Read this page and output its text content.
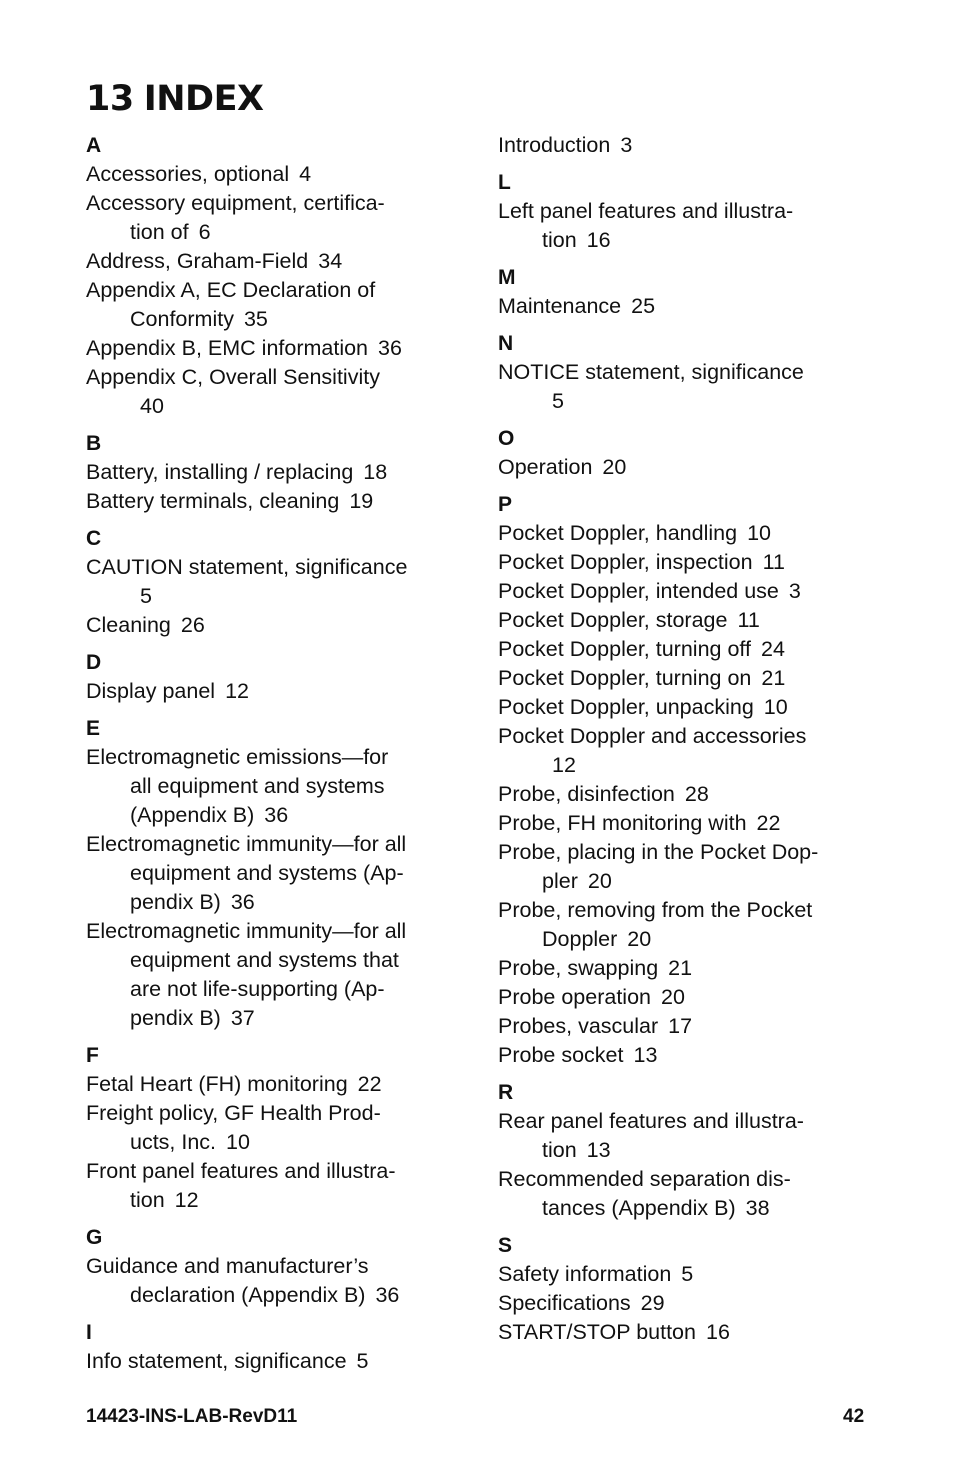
13 INDEX
A
Accessories, optional 4
Accessory equipment, certifica-
tion of 6
Address, Graham-Field 34
Appendix A, EC Declaration of
Conformity 35
Appendix B, EMC information 36
Appendix C, Overall Sensitivity
40
B
Battery, installing / replacing 18
Battery terminals, cleaning 19
C
CAUTION statement, significance
5
Cleaning 26
D
Display panel 12
E
Electromagnetic emissions—for
all equipment and systems
(Appendix B) 36
Electromagnetic immunity—for all
equipment and systems (Ap-
pendix B) 36
Electromagnetic immunity—for all
equipment and systems that
are not life-supporting (Ap-
pendix B) 37
F
Fetal Heart (FH) monitoring 22
Freight policy, GF Health Prod-
ucts, Inc. 10
Front panel features and illustra-
tion 12
G
Guidance and manufacturer’s
declaration (Appendix B) 36
I
Info statement, significance 5
Introduction 3
L
Left panel features and illustra-
tion 16
M
Maintenance 25
N
NOTICE statement, significance
5
O
Operation 20
P
Pocket Doppler, handling 10
Pocket Doppler, inspection 11
Pocket Doppler, intended use 3
Pocket Doppler, storage 11
Pocket Doppler, turning off 24
Pocket Doppler, turning on 21
Pocket Doppler, unpacking 10
Pocket Doppler and accessories
12
Probe, disinfection 28
Probe, FH monitoring with 22
Probe, placing in the Pocket Dop-
pler 20
Probe, removing from the Pocket
Doppler 20
Probe, swapping 21
Probe operation 20
Probes, vascular 17
Probe socket 13
R
Rear panel features and illustra-
tion 13
Recommended separation dis-
tances (Appendix B) 38
S
Safety information 5
Specifications 29
START/STOP button 16
14423-INS-LAB-RevD11	42
